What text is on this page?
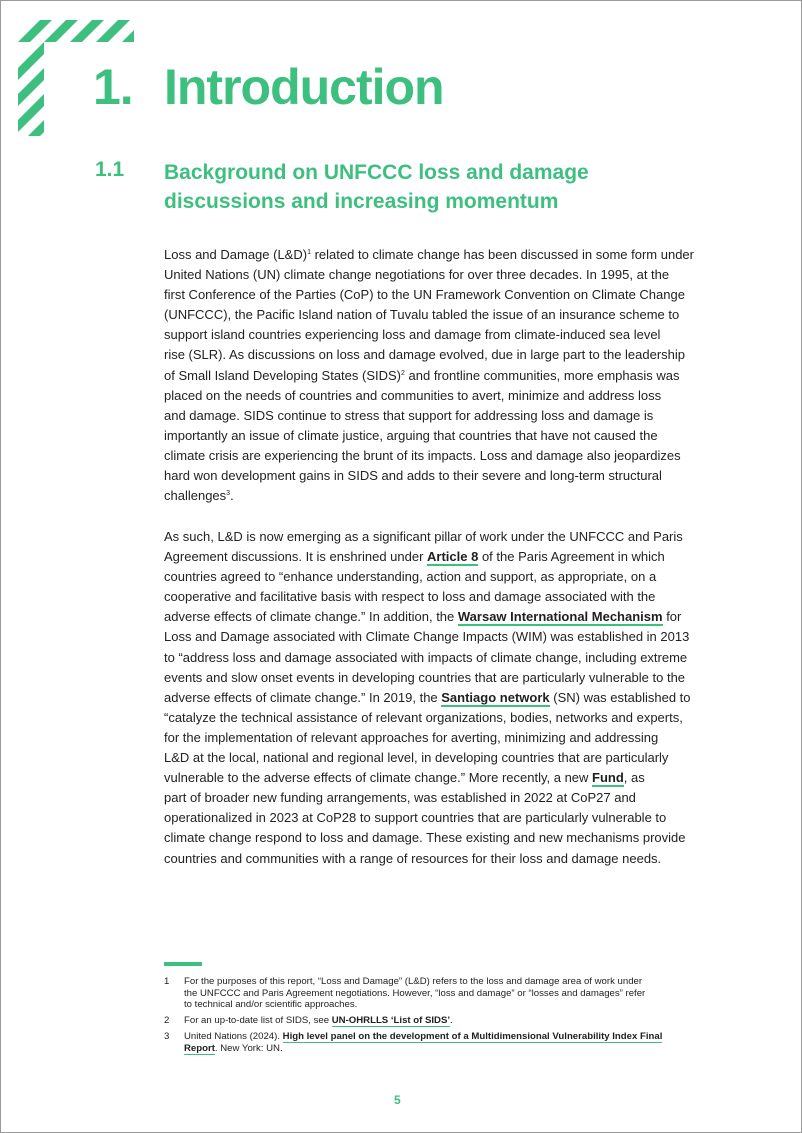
1. Introduction
1.1 Background on UNFCCC loss and damage
discussions and increasing momentum
Loss and Damage (L&D)$^1$ related to climate change has been discussed in some form under
United Nations (UN) climate change negotiations for over three decades. In 1995, at the
first Conference of the Parties (CoP) to the UN Framework Convention on Climate Change
(UNFCCC), the Pacific Island nation of Tuvalu tabled the issue of an insurance scheme to
support island countries experiencing loss and damage from climate-induced sea level
rise (SLR). As discussions on loss and damage evolved, due in large part to the leadership
of Small Island Developing States (SIDS)$^2$ and frontline communities, more emphasis was
placed on the needs of countries and communities to avert, minimize and address loss
and damage. SIDS continue to stress that support for addressing loss and damage is
importantly an issue of climate justice, arguing that countries that have not caused the
climate crisis are experiencing the brunt of its impacts. Loss and damage also jeopardizes
hard won development gains in SIDS and adds to their severe and long-term structural
challenges$^3$.
As such, L&D is now emerging as a significant pillar of work under the UNFCCC and Paris
Agreement discussions. It is enshrined under Article 8 of the Paris Agreement in which
countries agreed to “enhance understanding, action and support, as appropriate, on a
cooperative and facilitative basis with respect to loss and damage associated with the
adverse effects of climate change.” In addition, the Warsaw International Mechanism for
Loss and Damage associated with Climate Change Impacts (WIM) was established in 2013
to “address loss and damage associated with impacts of climate change, including extreme
events and slow onset events in developing countries that are particularly vulnerable to the
adverse effects of climate change.” In 2019, the Santiago network (SN) was established to
“catalyze the technical assistance of relevant organizations, bodies, networks and experts,
for the implementation of relevant approaches for averting, minimizing and addressing
L&D at the local, national and regional level, in developing countries that are particularly
vulnerable to the adverse effects of climate change.” More recently, a new Fund, as
part of broader new funding arrangements, was established in 2022 at CoP27 and
operationalized in 2023 at CoP28 to support countries that are particularly vulnerable to
climate change respond to loss and damage. These existing and new mechanisms provide
countries and communities with a range of resources for their loss and damage needs.
1 For the purposes of this report, “Loss and Damage” (L&D) refers to the loss and damage area of work under
the UNFCCC and Paris Agreement negotiations. However, “loss and damage” or “losses and damages” refer
to technical and/or scientific approaches.
2 For an up-to-date list of SIDS, see UN-OHRLLS ‘List of SIDS’.
3 United Nations (2024). High level panel on the development of a Multidimensional Vulnerability Index Final
Report. New York: UN.
5
